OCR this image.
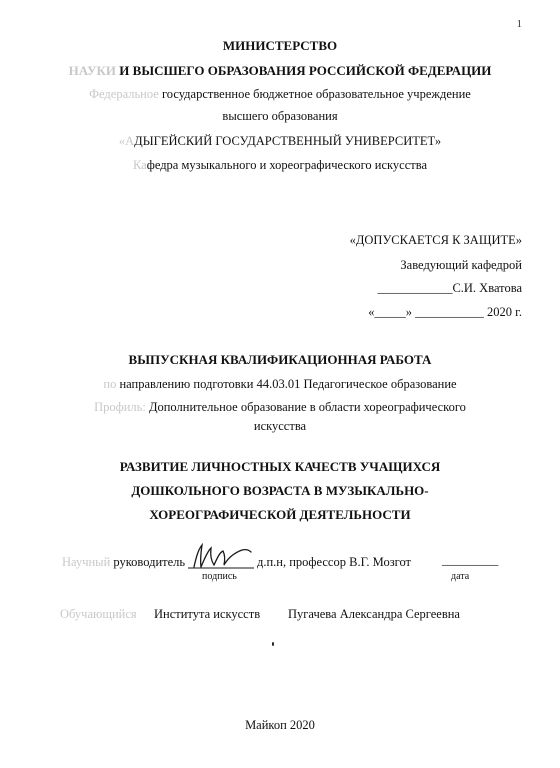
1
МИНИСТЕРСТВО
НАУКИ И ВЫСШЕГО ОБРАЗОВАНИЯ РОССИЙСКОЙ ФЕДЕРАЦИИ
Федеральное государственное бюджетное образовательное учреждение
высшего образования
«АДЫГЕЙСКИЙ ГОСУДАРСТВЕННЫЙ УНИВЕРСИТЕТ»
Кафедра музыкального и хореографического искусства
«ДОПУСКАЕТСЯ К ЗАЩИТЕ»
Заведующий кафедрой
____________С.И. Хватова
«_____» ___________ 2020 г.
ВЫПУСКНАЯ КВАЛИФИКАЦИОННАЯ РАБОТА
по направлению подготовки 44.03.01 Педагогическое образование
Профиль: Дополнительное образование в области хореографического
искусства
РАЗВИТИЕ ЛИЧНОСТНЫХ КАЧЕСТВ УЧАЩИХСЯ
ДОШКОЛЬНОГО ВОЗРАСТА В МУЗЫКАЛЬНО-
ХОРЕОГРАФИЧЕСКОЙ ДЕЯТЕЛЬНОСТИ
Научный руководитель	д.п.н, профессор В.Г. Мозгот _________
подпись	дата
Обучающийся Института искусств Пугачева Александра Сергеевна
Майкоп 2020
